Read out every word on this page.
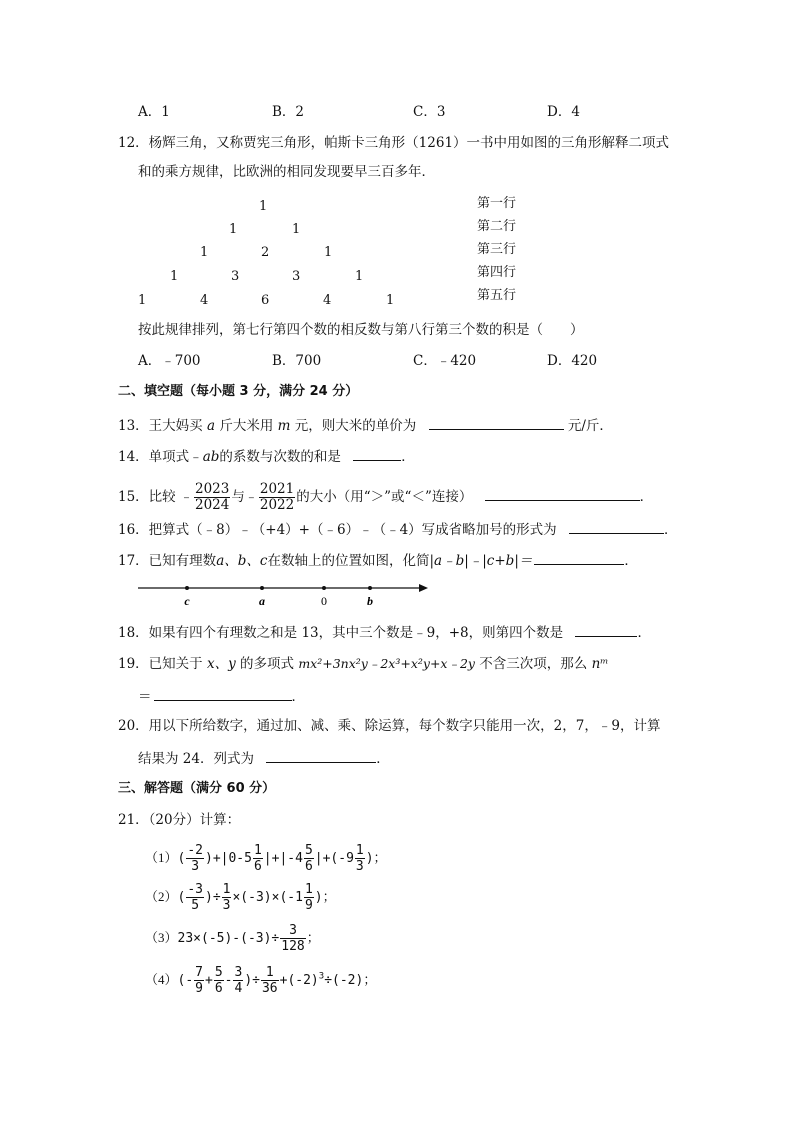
A．1	B．2	C．3	D．4
12．杨辉三角，又称贾宪三角形，帕斯卡三角形（1261）一书中用如图的三角形解释二项式
和的乘方规律，比欧洲的相同发现要早三百多年．
1
1	1
1	2	1
1	3	3	1
1	4	6	4	1
第一行
第二行
第三行
第四行
第五行
按此规律排列，第七行第四个数的相反数与第八行第三个数的积是（　　）
A．﹣700	B．700	C．﹣420	D．420
二、填空题（每小题 3 分，满分 24 分）
13．王大妈买 a 斤大米用 m 元，则大米的单价为	元/斤．
14．单项式﹣ab的系数与次数的和是	．
15．比较 ﹣ $\frac{2023}{2024}$ 与﹣ $\frac{2021}{2022}$ 的大小（用“＞”或“＜”连接）	．
16．把算式（﹣8）﹣（+4）+（﹣6）﹣（﹣4）写成省略加号的形式为	．
17．已知有理数a、b、c在数轴上的位置如图，化简|a﹣b|﹣|c+b|＝	．
c	a	0	b
18．如果有四个有理数之和是 13，其中三个数是﹣9，+8，则第四个数是	．
19．已知关于 x、y 的多项式 mx²+3nx²y﹣2x³+x²y+x﹣2y 不含三次项，那么 nᵐ
＝	．
20．用以下所给数字，通过加、减、乘、除运算，每个数字只能用一次，2，7，﹣9，计算
结果为 24．列式为	．
三、解答题（满分 60 分）
21．（20分）计算：
$(1)( \frac{-2}{3} )+|0-5 \frac{1}{6} |+|-4 \frac{5}{6} |+(-9 \frac{1}{3}$ )；
$(2)( \frac{-3}{5}$ )÷ $\frac{1}{3} \times(-3)\times(-1 \frac{1}{9}$ )；
$(3)23\times(-5)-(-3)\div \frac{3}{128}$ ；
$(4)(- \frac{7}{9} + \frac{5}{6} - \frac{3}{4}$ )÷ $\frac{1}{36} +(-2)^3\div(-2)$；
